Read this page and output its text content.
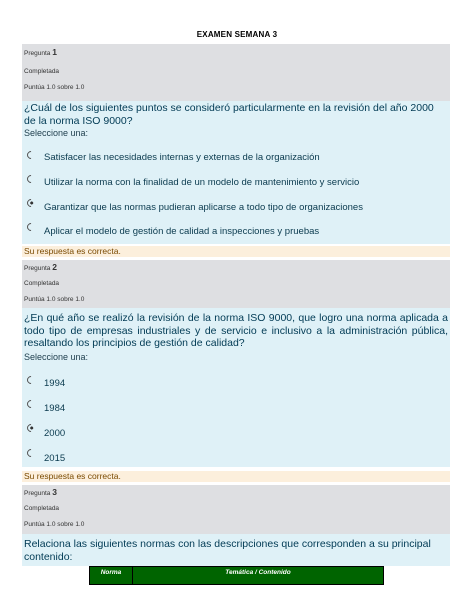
EXAMEN SEMANA 3
Pregunta 1
Completada
Puntúa 1.0 sobre 1.0
¿Cuál de los siguientes puntos se consideró particularmente en la revisión del año 2000 de la norma ISO 9000?
Seleccione una:
Satisfacer las necesidades internas y externas de la organización
Utilizar la norma con la finalidad de un modelo de mantenimiento y servicio
Garantizar que las normas pudieran aplicarse a todo tipo de organizaciones
Aplicar el modelo de gestión de calidad a inspecciones y pruebas
Su respuesta es correcta.
Pregunta 2
Completada
Puntúa 1.0 sobre 1.0
¿En qué año se realizó la revisión de la norma ISO 9000, que logro una norma aplicada a todo tipo de empresas industriales y de servicio e inclusivo a la administración pública, resaltando los principios de gestión de calidad?
Seleccione una:
1994
1984
2000
2015
Su respuesta es correcta.
Pregunta 3
Completada
Puntúa 1.0 sobre 1.0
Relaciona las siguientes normas con las descripciones que corresponden a su principal contenido:
Norma	Temática / Contenido
